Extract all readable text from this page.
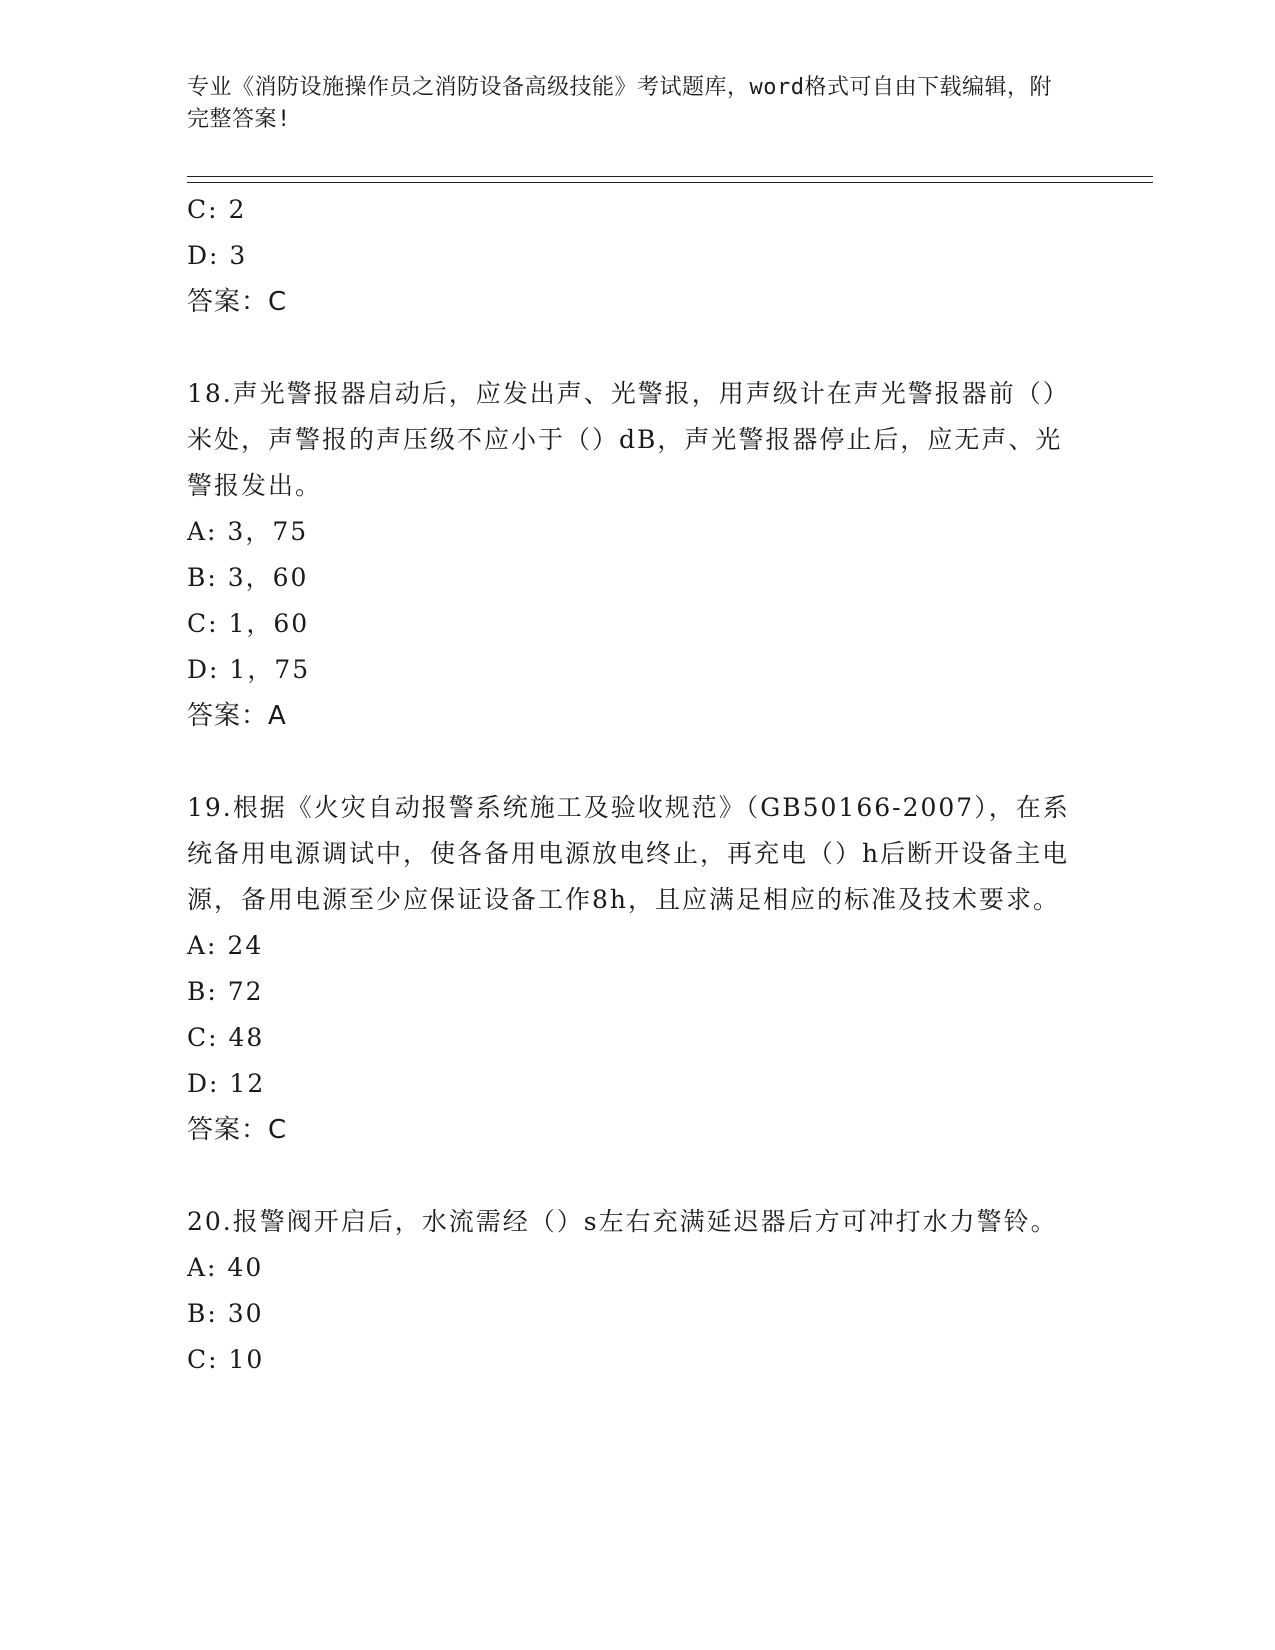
专业《消防设施操作员之消防设备高级技能》考试题库，word格式可自由下载编辑，附完整答案!
C: 2
D: 3
答案：C
18.声光警报器启动后，应发出声、光警报，用声级计在声光警报器前（）米处，声警报的声压级不应小于（）dB，声光警报器停止后，应无声、光警报发出。
A: 3，75
B: 3，60
C: 1，60
D: 1，75
答案：A
19.根据《火灾自动报警系统施工及验收规范》（GB50166-2007），在系统备用电源调试中，使各备用电源放电终止，再充电（）h后断开设备主电源，备用电源至少应保证设备工作8h，且应满足相应的标准及技术要求。
A: 24
B: 72
C: 48
D: 12
答案：C
20.报警阀开启后，水流需经（）s左右充满延迟器后方可冲打水力警铃。
A: 40
B: 30
C: 10
